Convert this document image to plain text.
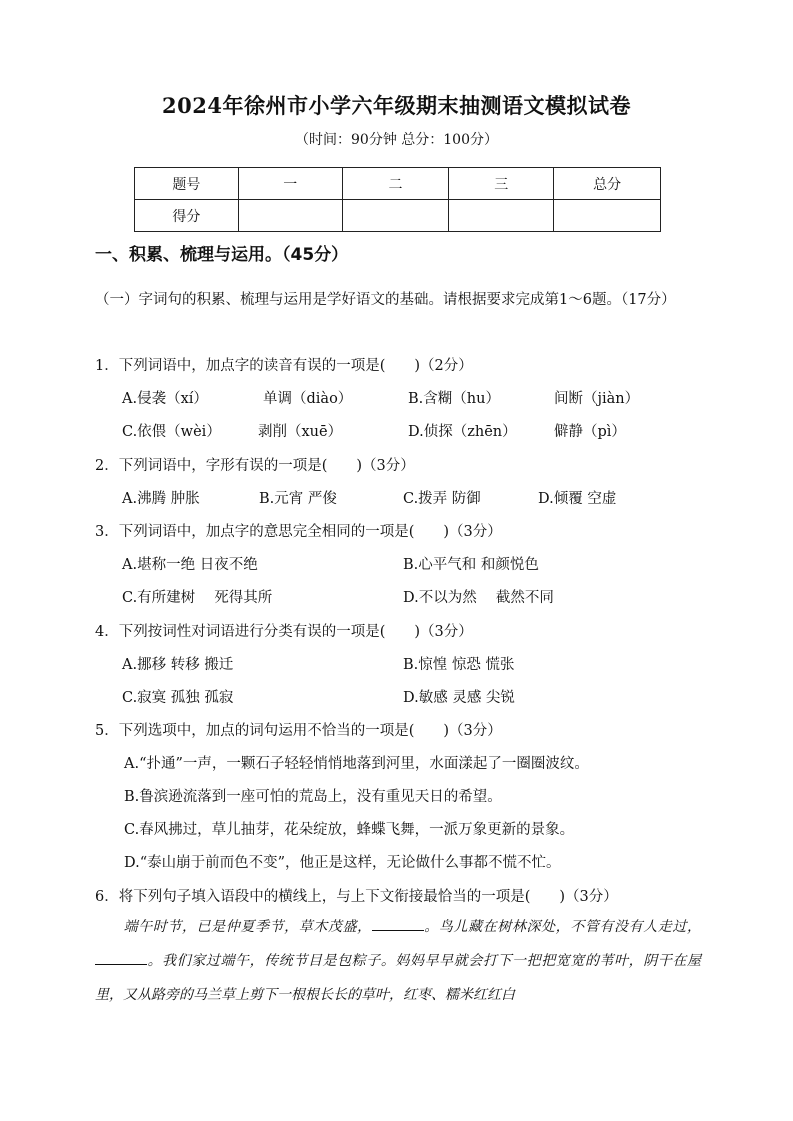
2024年徐州市小学六年级期末抽测语文模拟试卷
（时间：90分钟 总分：100分）
题号	一	二	三	总分
得分				
一、积累、梳理与运用。（45分）
（一）字词句的积累、梳理与运用是学好语文的基础。请根据要求完成第1～6题。（17分）
1．下列词语中，加点字的读音有误的一项是(　　)（2分）
A.侵袭（xí）	单调（diào）	B.含糊（hu）	间断（jiàn）
C.依偎（wèi）	剥削（xuē）	D.侦探（zhēn）	僻静（pì）
2．下列词语中，字形有误的一项是(　　)（3分）
A.沸腾 肿胀	B.元宵 严俊	C.拨弄 防御	D.倾覆 空虚
3．下列词语中，加点字的意思完全相同的一项是(　　)（3分）
A.堪称一绝 日夜不绝	B.心平气和 和颜悦色
C.有所建树　 死得其所	D.不以为然　 截然不同
4．下列按词性对词语进行分类有误的一项是(　　)（3分）
A.挪移 转移 搬迁	B.惊惶 惊恐 慌张
C.寂寞 孤独 孤寂	D.敏感 灵感 尖锐
5．下列选项中，加点的词句运用不恰当的一项是(　　)（3分）
A.“扑通”一声，一颗石子轻轻悄悄地落到河里，水面漾起了一圈圈波纹。
B.鲁滨逊流落到一座可怕的荒岛上，没有重见天日的希望。
C.春风拂过，草儿抽芽，花朵绽放，蜂蝶飞舞，一派万象更新的景象。
D.“泰山崩于前而色不变”，他正是这样，无论做什么事都不慌不忙。
6．将下列句子填入语段中的横线上，与上下文衔接最恰当的一项是(　　)（3分）
端午时节，已是仲夏季节，草木茂盛，	。鸟儿藏在树林深处，不管有没有人走过，。我们家过端午，传统节目是包粽子。妈妈早早就会打下一把把宽宽的苇叶，阴干在屋里，又从路旁的马兰草上剪下一根根长长的草叶，红枣、糯米红红白
